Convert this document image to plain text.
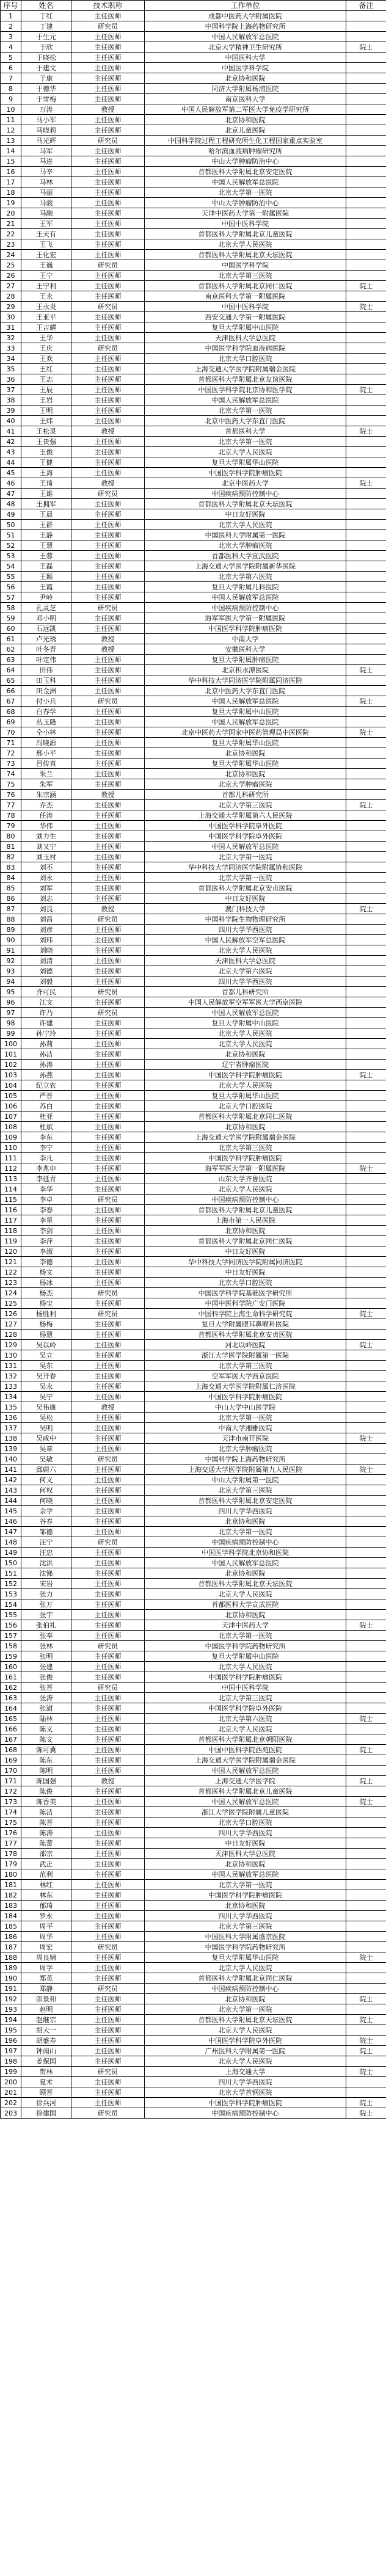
序号	姓名	技术职称	工作单位	备注
1	丁红	主任医师	成都中医药大学附属医院	
2	丁建	研究员	中国科学院上海药物研究所	
3	于生元	主任医师	中国人民解放军总医院	
4	于欣	主任医师	北京大学精神卫生研究所	院士
5	于晓松	主任医师	中国医科大学	
6	于建文	主任医师	中国医学科学院	
7	于康	主任医师	北京协和医院	
8	于德华	主任医师	同济大学附属杨浦医院	
9	于雪梅	主任医师	南京医科大学	
10	万涛	教授	中国人民解放军第二军医大学免疫学研究所	
11	马小军	主任医师	北京协和医院	
12	马晓莉	主任医师	北京儿童医院	
13	马光辉	研究员	中国科学院过程工程研究所生化工程国家重点实验室	
14	马军	主任医师	哈尔滨血液病肿瘤研究所	
15	马进	主任医师	中山大学肿瘤防治中心	
16	马辛	主任医师	首都医科大学附属北京安定医院	
17	马林	主任医师	中国人民解放军总医院	
18	马丽	主任医师	北京大学第一医院	
19	马骏	主任医师	中山大学肿瘤防治中心	
20	马融	主任医师	天津中医药大学第一附属医院	
21	王军	主任医师	中国中医科学院	
22	王天有	主任医师	首都医科大学附属北京儿童医院	
23	王飞	主任医师	北京大学人民医院	
24	王化宏	主任医师	首都医科大学附属北京天坛医院	
25	王巍	研究员	中国医学科学院	
26	王宁	主任医师	北京大学第三医院	
27	王宁利	主任医师	首都医科大学附属北京同仁医院	院士
28	王永	主任医师	南京医科大学第一附属医院	
29	王永炎	研究员	中国中医科学院	院士
30	王亚平	主任医师	西安交通大学第一附属医院	
31	王吉耀	主任医师	复旦大学附属中山医院	
32	王华	主任医师	天津医科大学总医院	
33	王庆	研究员	中国医学科学院血液病医院	
34	王欢	主任医师	北京大学口腔医院	
35	王红	主任医师	上海交通大学医学院附属瑞金医院	
36	王志	主任医师	首都医科大学附属北京友谊医院	
37	王辰	主任医师	中国医学科学院北京协和医学院	院士
38	王岩	主任医师	中国人民解放军总医院	
39	王明	主任医师	北京大学第一医院	
40	王炜	主任医师	北京中医药大学东直门医院	
41	王松灵	教授	首都医科大学	院士
42	王贵强	主任医师	北京大学第一医院	
43	王俊	主任医师	北京大学人民医院	
44	王健	主任医师	复旦大学附属华山医院	
45	王海	主任医师	中国医学科学院肿瘤医院	
46	王琦	教授	北京中医药大学	院士
47	王雄	研究员	中国疾病预防控制中心	
48	王拥军	主任医师	首都医科大学附属北京天坛医院	
49	王晨	主任医师	中日友好医院	
50	王群	主任医师	北京大学人民医院	
51	王静	主任医师	中国医科大学附属第一医院	
52	王慧	主任医师	北京大学肿瘤医院	
53	王蓉	主任医师	首都医科大学宣武医院	
54	王磊	主任医师	上海交通大学医学院附属新华医院	
55	王颖	主任医师	北京大学第六医院	
56	王霞	主任医师	复旦大学附属儿科医院	
57	尹岭	主任医师	中国人民解放军总医院	
58	孔灵芝	研究员	中国疾病预防控制中心	
59	邓小明	主任医师	海军军医大学第一附属医院	
60	石远凯	主任医师	中国医学科学院肿瘤医院	
61	卢光琇	教授	中南大学	
62	叶冬青	教授	安徽医科大学	
63	叶定伟	主任医师	复旦大学附属肿瘤医院	
64	田伟	主任医师	北京积水潭医院	院士
65	田玉科	主任医师	华中科技大学同济医学院附属同济医院	
66	田金洲	主任医师	北京中医药大学东直门医院	
67	付小兵	研究员	中国人民解放军总医院	院士
68	白春学	主任医师	复旦大学附属中山医院	
69	丛玉隆	主任医师	中国人民解放军总医院	
70	仝小林	主任医师	北京中医药大学国家中医药管理局中医医院	院士
71	冯晓源	主任医师	复旦大学附属华山医院	
72	邢小平	主任医师	北京协和医院	
73	吕传真	主任医师	复旦大学附属华山医院	
74	朱兰	主任医师	北京协和医院	
75	朱军	主任医师	北京大学肿瘤医院	
76	朱宗涵	教授	首都儿科研究所	
77	乔杰	主任医师	北京大学第三医院	院士
78	任涛	主任医师	上海交通大学附属第六人民医院	
79	华伟	主任医师	中国医学科学院阜外医院	
80	刘力生	主任医师	中国医学科学院阜外医院	
81	刘又宁	主任医师	中国人民解放军总医院	
82	刘玉村	主任医师	北京大学第一医院	
83	刘丕	主任医师	华中科技大学同济医学院附属协和医院	
84	刘永	主任医师	北京大学第一医院	
85	刘军	主任医师	首都医科大学附属北京安贞医院	
86	刘志	主任医师	中日友好医院	
87	刘良	教授	澳门科技大学	院士
88	刘昌	研究员	中国科学院生物物理研究所	
89	刘彦	主任医师	四川大学华西医院	
90	刘玮	主任医师	中国人民解放军空军总医院	
91	刘晓	主任医师	北京大学人民医院	
92	刘清	主任医师	天津医科大学总医院	
93	刘德	主任医师	北京大学第六医院	
94	刘毅	主任医师	四川大学华西医院	
95	齐可民	研究员	首都儿科研究所	
96	江文	主任医师	中国人民解放军空军军医大学西京医院	
97	许乃	研究员	中国人民解放军总医院	
98	许建	主任医师	复旦大学附属中山医院	
99	孙宁玲	主任医师	北京大学人民医院	
100	孙莉	主任医师	北京大学人民医院	
101	孙洁	主任医师	北京协和医院	
102	孙涛	主任医师	辽宁省肿瘤医院	
103	孙燕	主任医师	中国医学科学院肿瘤医院	院士
104	纪立农	主任医师	北京大学人民医院	
105	严晋	主任医师	复旦大学附属华山医院	
106	苏白	主任医师	北京大学口腔医院	
107	杜亚	主任医师	首都医科大学附属北京同仁医院	
108	杜斌	主任医师	北京协和医院	
109	李东	主任医师	上海交通大学医学院附属瑞金医院	
110	李宁	主任医师	北京大学第三医院	
111	李凡	主任医师	中国医学科学院肿瘤医院	
112	李兆申	主任医师	海军军医大学第一附属医院	院士
113	李延青	主任医师	山东大学齐鲁医院	
114	李华	主任医师	北京大学人民医院	
115	李卓	研究员	中国疾病预防控制中心	
116	李春	主任医师	首都医科大学附属北京儿童医院	
117	李星	主任医师	上海市第一人民医院	
118	李剑	主任医师	北京协和医院	
119	李萍	主任医师	首都医科大学附属北京同仁医院	
120	李淑	主任医师	中日友好医院	
121	李德	主任医师	华中科技大学同济医学院附属同济医院	
122	杨文	主任医师	中日友好医院	
123	杨冰	主任医师	北京大学口腔医院	
124	杨杰	研究员	中国医学科学院基础医学研究所	
125	杨宝	主任医师	中国中医科学院广安门医院	
126	杨胜利	研究员	中国科学院上海生命科学研究院	院士
127	杨梅	主任医师	复旦大学附属眼耳鼻喉科医院	
128	杨慧	主任医师	首都医科大学附属北京安贞医院	
129	吴以岭	主任医师	河北以岭医院	院士
130	吴立	主任医师	浙江大学医学院附属第一医院	
131	吴东	主任医师	北京大学第三医院	
132	吴开春	主任医师	空军军医大学西京医院	
133	吴永	主任医师	上海交通大学医学院附属仁济医院	
134	吴宁	主任医师	中国医学科学院肿瘤医院	
135	吴伟康	教授	中山大学中山医学院	
136	吴松	主任医师	北京大学第一医院	
137	吴明	主任医师	中南大学湘雅医院	
138	吴咸中	主任医师	天津市南开医院	院士
139	吴章	主任医师	北京大学肿瘤医院	
140	吴敏	研究员	中国科学院上海药物研究所	
141	邱蔚六	主任医师	上海交通大学医学院附属第九人民医院	院士
142	何义	主任医师	中山大学附属第一医院	
143	何权	主任医师	北京大学第三医院	
144	何晓	主任医师	首都医科大学附属北京安定医院	
145	余学	主任医师	四川大学华西医院	
146	谷春	主任医师	北京协和医院	
147	邹德	主任医师	北京大学第一医院	
148	汪宁	研究员	中国疾病预防控制中心	
149	汪忠	主任医师	中国医学科学院北京协和医院	
150	沈洪	主任医师	中国人民解放军总医院	
151	沈悌	主任医师	北京协和医院	
152	宋岩	主任医师	首都医科大学附属北京天坛医院	
153	张力	主任医师	北京大学人民医院	
154	张万	主任医师	首都医科大学宣武医院	
155	张宇	主任医师	北京协和医院	
156	张伯礼	主任医师	天津中医药大学	院士
157	张奉	主任医师	北京大学第一医院	
158	张林	研究员	中国医学科学院药物研究所	
159	张明	主任医师	复旦大学附属中山医院	
160	张建	主任医师	北京大学人民医院	
161	张俊	主任医师	中国医学科学院肿瘤医院	
162	张晋	研究员	中国中医科学院	
163	张涛	主任医师	北京大学第三医院	
164	张澍	主任医师	中国医学科学院阜外医院	
165	陆林	主任医师	北京大学第六医院	院士
166	陈义	主任医师	北京大学人民医院	
167	陈文	主任医师	首都医科大学附属北京朝阳医院	
168	陈可冀	主任医师	中国中医科学院西苑医院	院士
169	陈东	主任医师	上海交通大学医学院附属瑞金医院	
170	陈明	主任医师	中国人民解放军总医院	
171	陈国强	教授	上海交通大学医学院	院士
172	陈俊	主任医师	首都医科大学附属北京儿童医院	
173	陈香美	主任医师	中国人民解放军总医院	院士
174	陈洁	主任医师	浙江大学医学院附属儿童医院	
175	陈晋	主任医师	北京大学口腔医院	
176	陈涛	主任医师	四川大学华西医院	
177	陈蕾	主任医师	中日友好医院	
178	邵宗	主任医师	天津医科大学总医院	
179	武正	主任医师	北京协和医院	
180	范利	主任医师	中国人民解放军总医院	
181	林红	主任医师	北京大学第一医院	
182	林东	主任医师	中国医学科学院肿瘤医院	
183	郁琦	主任医师	北京协和医院	
184	罗永	主任医师	四川大学华西医院	
185	周平	主任医师	北京大学第三医院	
186	周华	主任医师	中国医科大学附属盛京医院	
187	周宏	研究员	中国医学科学院药物研究所	
188	周良辅	主任医师	复旦大学附属华山医院	院士
189	周学	主任医师	北京大学人民医院	
190	郑英	主任医师	首都医科大学附属北京同仁医院	
191	郑静	研究员	中国疾病预防控制中心	
192	郎景和	主任医师	北京协和医院	院士
193	赵明	主任医师	北京大学第一医院	
194	赵继宗	主任医师	首都医科大学附属北京天坛医院	院士
195	胡大一	主任医师	北京大学人民医院	
196	胡盛寿	主任医师	中国医学科学院阜外医院	院士
197	钟南山	主任医师	广州医科大学附属第一医院	院士
198	姜保国	主任医师	北京大学人民医院	
199	贺林	研究员	上海交通大学	院士
200	夏术	主任医师	四川大学华西医院	
201	顾晋	主任医师	北京大学首钢医院	
202	徐兵河	主任医师	中国医学科学院肿瘤医院	院士
203	徐建国	研究员	中国疾病预防控制中心	院士
